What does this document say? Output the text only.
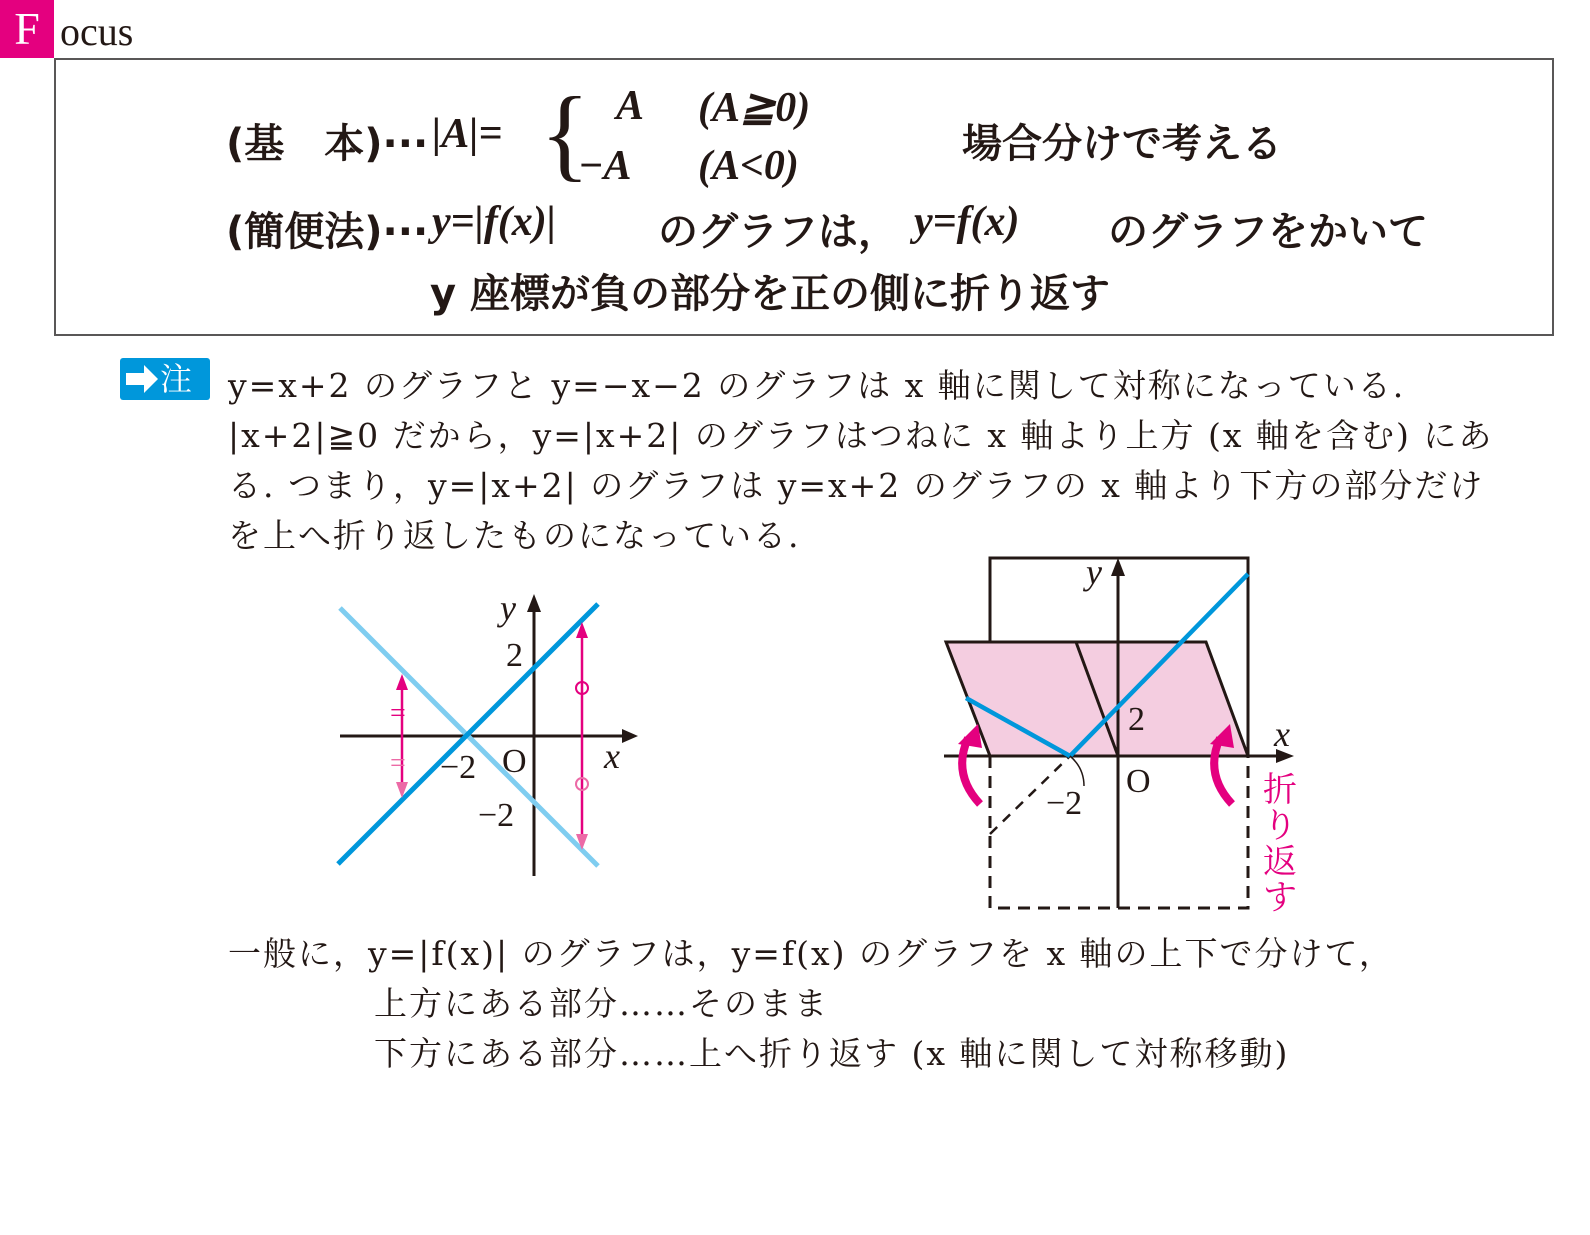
F ocus
(基　本)··· |A|= { A (A≧0)
−A (A<0)	場合分けで考える
(簡便法)··· y=|f(x)|	のグラフは， y=f(x) のグラフをかいて
y 座標が負の部分を正の側に折り返す
注 y=x+2 のグラフと y=−x−2 のグラフは x 軸に関して対称になっている.
|x+2|≧0 だから，y=|x+2| のグラフはつねに x 軸より上方 (x 軸を含む) にあ
る. つまり，y=|x+2| のグラフは y=x+2 のグラフの x 軸より下方の部分だけ
を上へ折り返したものになっている.
=
=
y
x
O
2
−2
−2
y
x
O
2
−2	折
り
返
す
一般に，y=|f(x)| のグラフは，y=f(x) のグラフを x 軸の上下で分けて，
上方にある部分……そのまま
下方にある部分……上へ折り返す (x 軸に関して対称移動)
